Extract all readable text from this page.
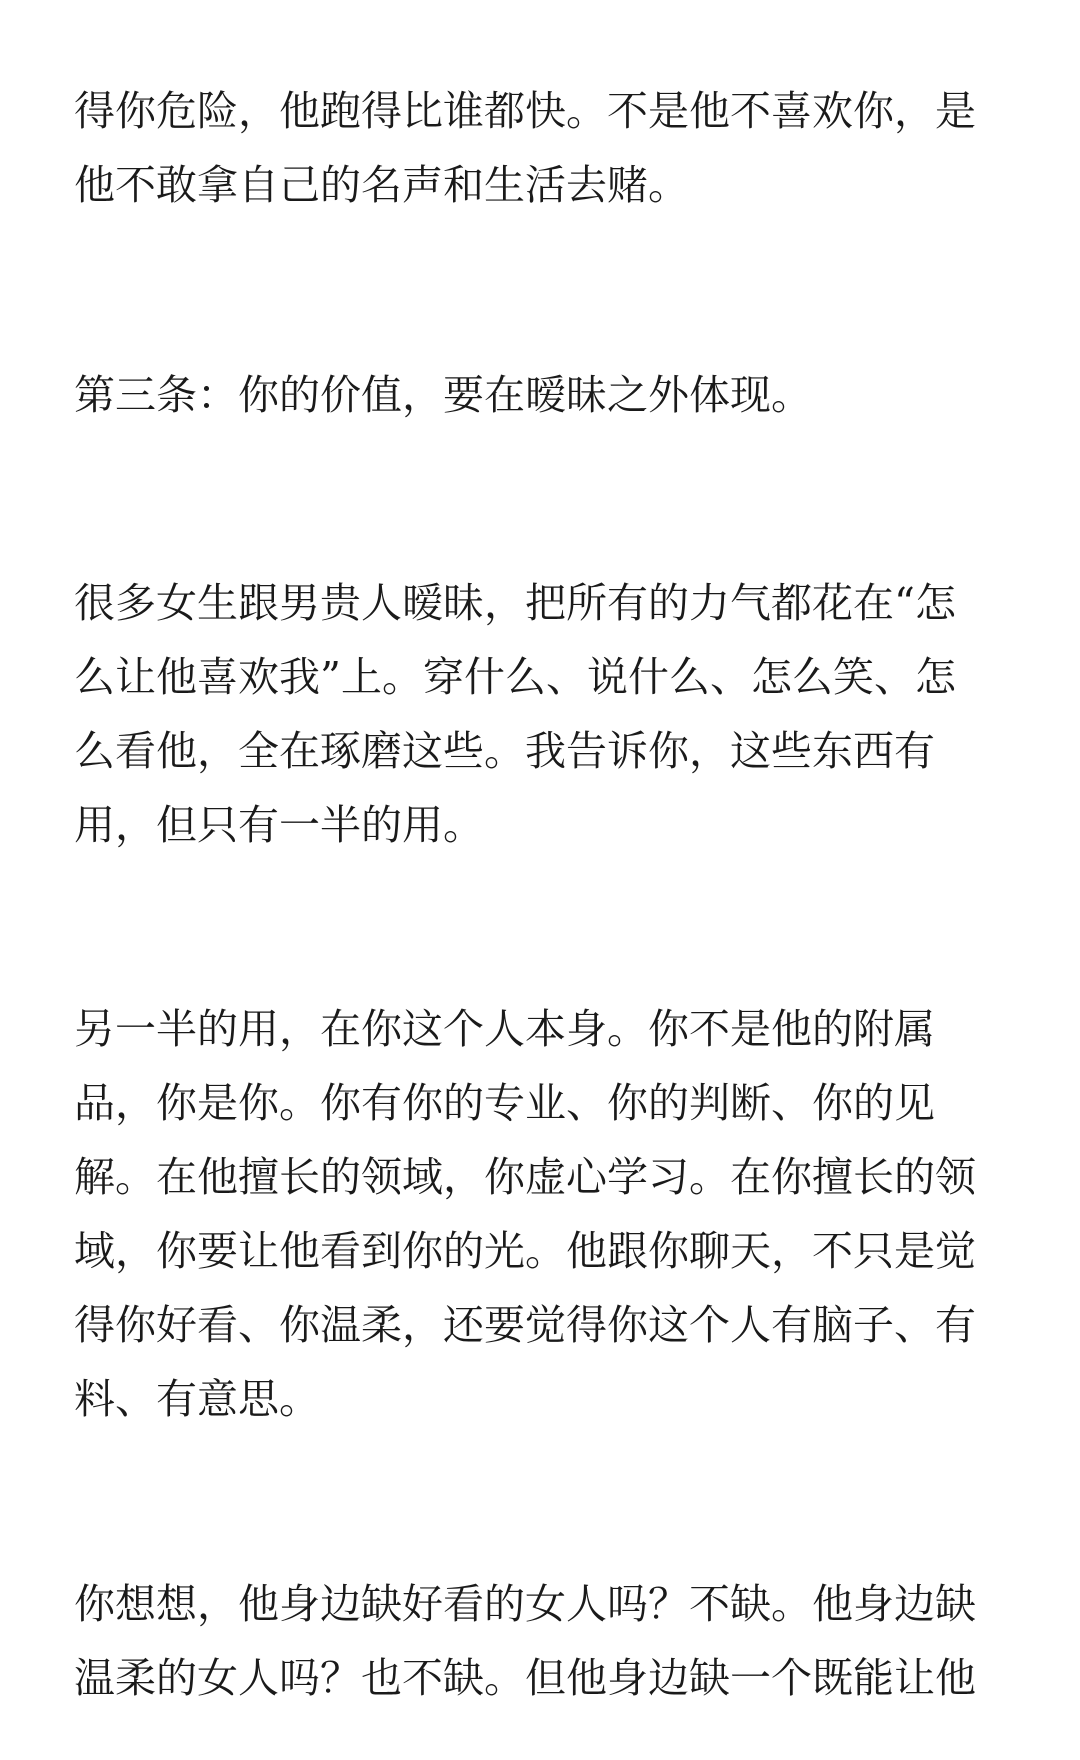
得你危险，他跑得比谁都快。不是他不喜欢你，是
他不敢拿自己的名声和生活去赌。

第三条：你的价值，要在暧昧之外体现。

很多女生跟男贵人暧昧，把所有的力气都花在“怎
么让他喜欢我”上。穿什么、说什么、怎么笑、怎
么看他，全在琢磨这些。我告诉你，这些东西有
用，但只有一半的用。

另一半的用，在你这个人本身。你不是他的附属
品，你是你。你有你的专业、你的判断、你的见
解。在他擅长的领域，你虚心学习。在你擅长的领
域，你要让他看到你的光。他跟你聊天，不只是觉
得你好看、你温柔，还要觉得你这个人有脑子、有
料、有意思。

你想想，他身边缺好看的女人吗？不缺。他身边缺
温柔的女人吗？也不缺。但他身边缺一个既能让他
